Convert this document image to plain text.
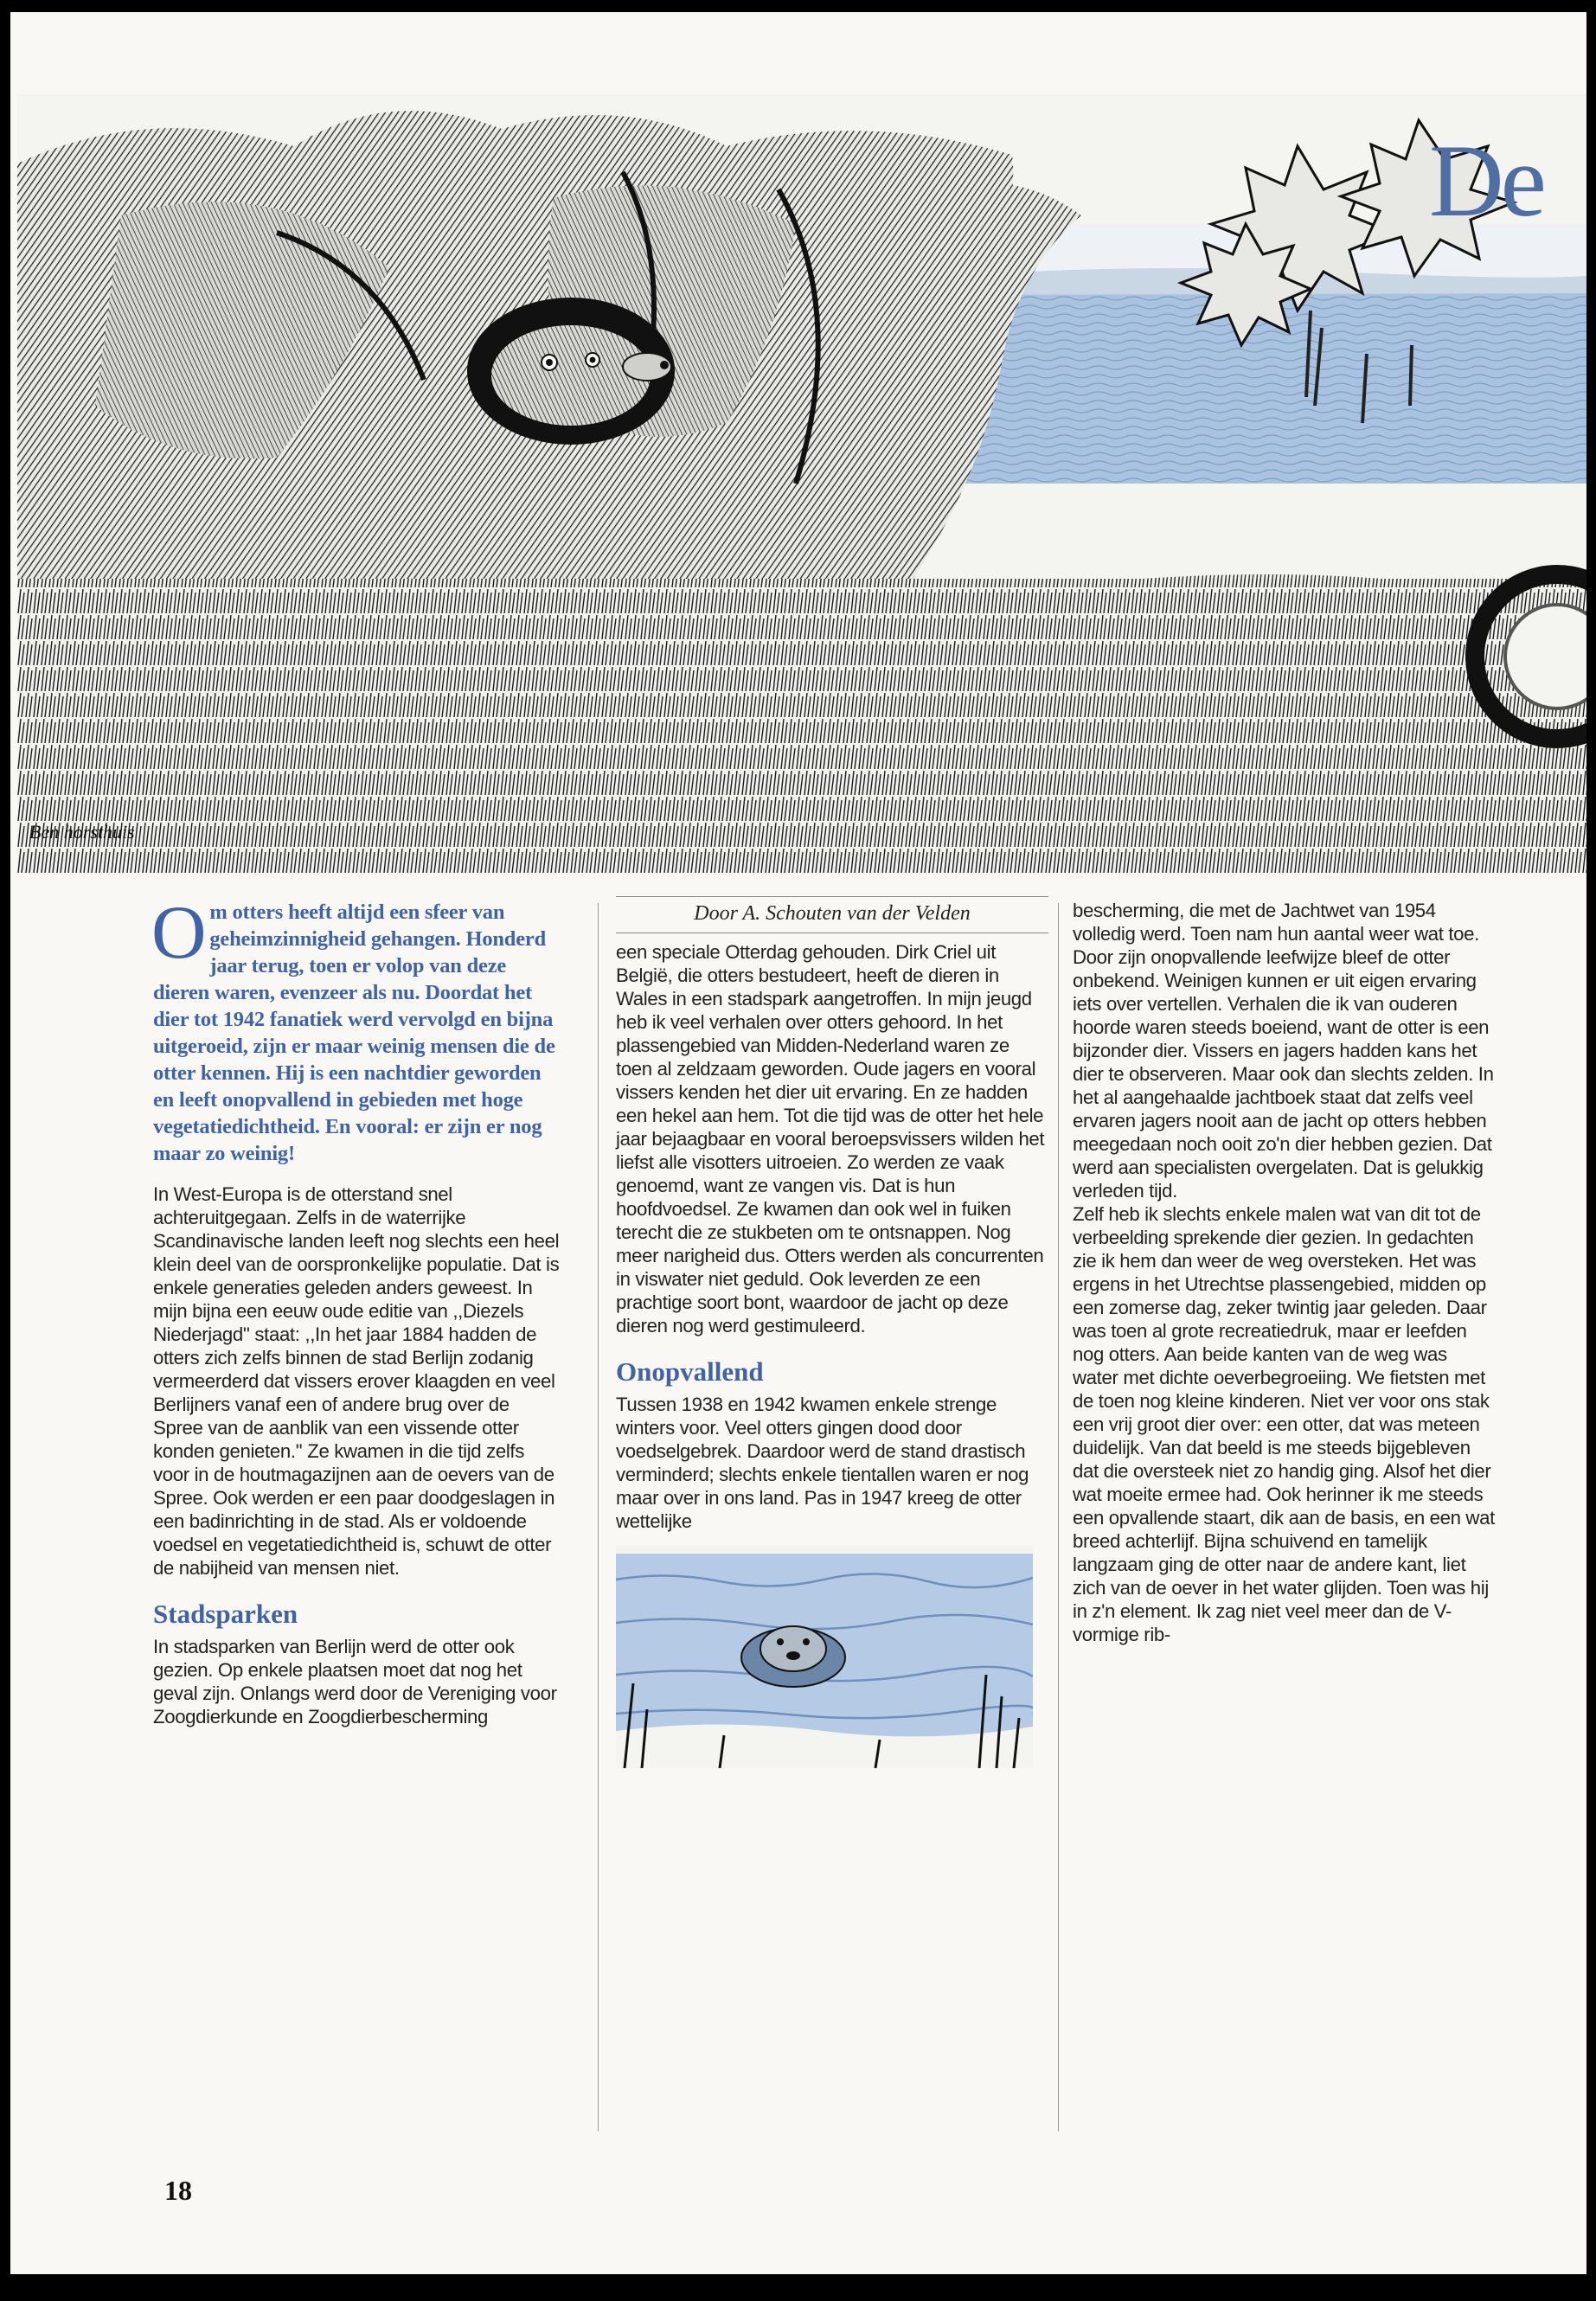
De
Ben horsthuis

Om otters heeft altijd een sfeer van geheimzinnigheid gehangen. Honderd jaar terug, toen er volop van deze dieren waren, evenzeer als nu. Doordat het dier tot 1942 fanatiek werd vervolgd en bijna uitgeroeid, zijn er maar weinig mensen die de otter kennen. Hij is een nachtdier geworden en leeft onopvallend in gebieden met hoge vegetatiedichtheid. En vooral: er zijn er nog maar zo weinig!

In West-Europa is de otterstand snel achteruitgegaan. Zelfs in de waterrijke Scandinavische landen leeft nog slechts een heel klein deel van de oorspronkelijke populatie. Dat is enkele generaties geleden anders geweest. In mijn bijna een eeuw oude editie van ,,Diezels Niederjagd'' staat: ,,In het jaar 1884 hadden de otters zich zelfs binnen de stad Berlijn zodanig vermeerderd dat vissers erover klaagden en veel Berlijners vanaf een of andere brug over de Spree van de aanblik van een vissende otter konden genieten.'' Ze kwamen in die tijd zelfs voor in de houtmagazijnen aan de oevers van de Spree. Ook werden er een paar doodgeslagen in een badinrichting in de stad. Als er voldoende voedsel en vegetatiedichtheid is, schuwt de otter de nabijheid van mensen niet.

Stadsparken

In stadsparken van Berlijn werd de otter ook gezien. Op enkele plaatsen moet dat nog het geval zijn. Onlangs werd door de Vereniging voor Zoogdierkunde en Zoogdierbescherming

Door A. Schouten van der Velden

een speciale Otterdag gehouden. Dirk Criel uit België, die otters bestudeert, heeft de dieren in Wales in een stadspark aangetroffen. In mijn jeugd heb ik veel verhalen over otters gehoord. In het plassengebied van Midden-Nederland waren ze toen al zeldzaam geworden. Oude jagers en vooral vissers kenden het dier uit ervaring. En ze hadden een hekel aan hem. Tot die tijd was de otter het hele jaar bejaagbaar en vooral beroepsvissers wilden het liefst alle visotters uitroeien. Zo werden ze vaak genoemd, want ze vangen vis. Dat is hun hoofdvoedsel. Ze kwamen dan ook wel in fuiken terecht die ze stukbeten om te ontsnappen. Nog meer narigheid dus. Otters werden als concurrenten in viswater niet geduld. Ook leverden ze een prachtige soort bont, waardoor de jacht op deze dieren nog werd gestimuleerd.

Onopvallend

Tussen 1938 en 1942 kwamen enkele strenge winters voor. Veel otters gingen dood door voedselgebrek. Daardoor werd de stand drastisch verminderd; slechts enkele tientallen waren er nog maar over in ons land. Pas in 1947 kreeg de otter wettelijke

bescherming, die met de Jachtwet van 1954 volledig werd. Toen nam hun aantal weer wat toe.

Door zijn onopvallende leefwijze bleef de otter onbekend. Weinigen kunnen er uit eigen ervaring iets over vertellen. Verhalen die ik van ouderen hoorde waren steeds boeiend, want de otter is een bijzonder dier. Vissers en jagers hadden kans het dier te observeren. Maar ook dan slechts zelden. In het al aangehaalde jachtboek staat dat zelfs veel ervaren jagers nooit aan de jacht op otters hebben meegedaan noch ooit zo'n dier hebben gezien. Dat werd aan specialisten overgelaten. Dat is gelukkig verleden tijd.

Zelf heb ik slechts enkele malen wat van dit tot de verbeelding sprekende dier gezien. In gedachten zie ik hem dan weer de weg oversteken. Het was ergens in het Utrechtse plassengebied, midden op een zomerse dag, zeker twintig jaar geleden. Daar was toen al grote recreatiedruk, maar er leefden nog otters. Aan beide kanten van de weg was water met dichte oeverbegroeiing. We fietsten met de toen nog kleine kinderen. Niet ver voor ons stak een vrij groot dier over: een otter, dat was meteen duidelijk. Van dat beeld is me steeds bijgebleven dat die oversteek niet zo handig ging. Alsof het dier wat moeite ermee had. Ook herinner ik me steeds een opvallende staart, dik aan de basis, en een wat breed achterlijf. Bijna schuivend en tamelijk langzaam ging de otter naar de andere kant, liet zich van de oever in het water glijden. Toen was hij in z'n element. Ik zag niet veel meer dan de V-vormige rib-

18
